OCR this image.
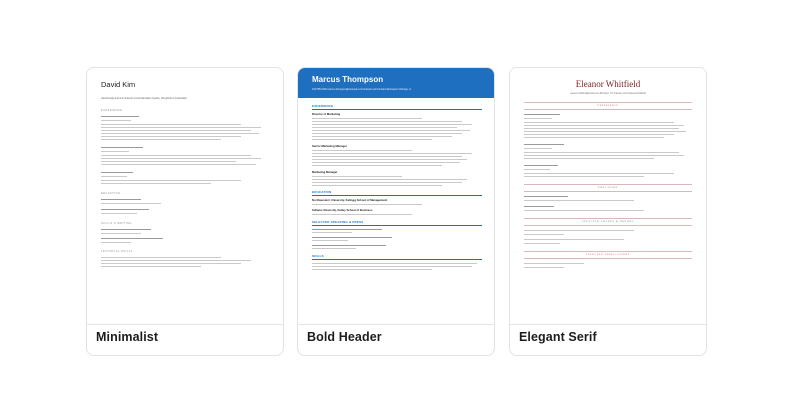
David Kim
david.kim@email.com linkedin.com/in/davidjkim Seattle, WA github.com/davidkim
EXPERIENCE
EDUCATION
SKILLS & WRITING
TECHNICAL SKILLS
Minimalist
Marcus Thompson
312.555.0199 marcus.thompson@example.com linkedin.com/in/marcusthompson Chicago, IL
EXPERIENCE
Director of Marketing
Senior Marketing Manager
Marketing Manager
EDUCATION
Northwestern University, Kellogg School of Management
Indiana University, Kelley School of Business
SELECTED SPEAKING & PRESS
SKILLS
Bold Header
Eleanor Whitfield
eleanor.whitfield@email.com Brooklyn, NY linkedin.com/in/eleanorwhitfield
EXPERIENCE
EDUCATION
SELECTED AWARDS & HONORS
SELECTED PUBLICATIONS
Elegant Serif
